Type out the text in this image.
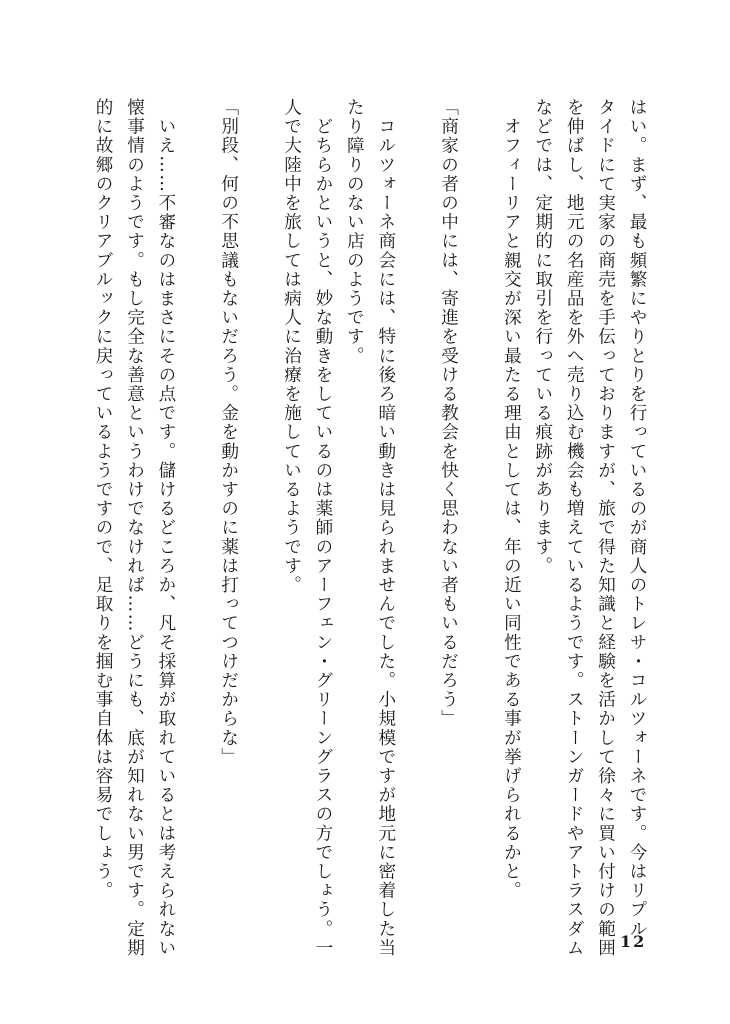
はい。まず、最も頻繁にやりとりを行っているのが商人のトレサ・コルツォーネです。今はリプル
タイドにて実家の商売を手伝っておりますが、旅で得た知識と経験を活かして徐々に買い付けの範囲
を伸ばし、地元の名産品を外へ売り込む機会も増えているようです。ストーンガードやアトラスダム
などでは、定期的に取引を行っている痕跡があります。
　オフィーリアと親交が深い最たる理由としては、年の近い同性である事が挙げられるかと。
「商家の者の中には、寄進を受ける教会を快く思わない者もいるだろう」
　コルツォーネ商会には、特に後ろ暗い動きは見られませんでした。小規模ですが地元に密着した当
たり障りのない店のようです。
　どちらかというと、妙な動きをしているのは薬師のアーフェン・グリーングラスの方でしょう。一
人で大陸中を旅しては病人に治療を施しているようです。
「別段、何の不思議もないだろう。金を動かすのに薬は打ってつけだからな」
　いえ……不審なのはまさにその点です。儲けるどころか、凡そ採算が取れているとは考えられない
懐事情のようです。もし完全な善意というわけでなければ……どうにも、底が知れない男です。定期
的に故郷のクリアブルックに戻っているようですので、足取りを掴む事自体は容易でしょう。
12
